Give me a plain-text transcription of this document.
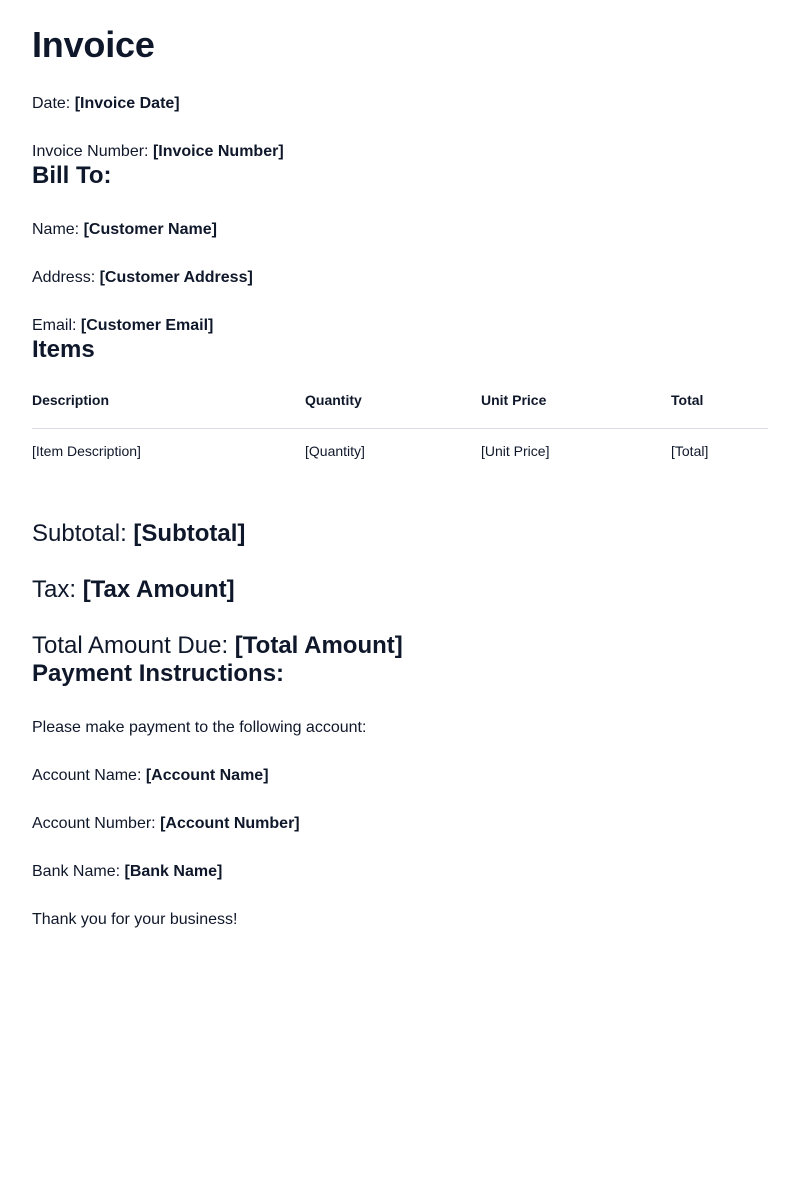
Invoice
Date: [Invoice Date]
Invoice Number: [Invoice Number]
Bill To:
Name: [Customer Name]
Address: [Customer Address]
Email: [Customer Email]
Items
Description	Quantity	Unit Price	Total
[Item Description]	[Quantity]	[Unit Price]	[Total]
Subtotal: [Subtotal]
Tax: [Tax Amount]
Total Amount Due: [Total Amount]
Payment Instructions:
Please make payment to the following account:
Account Name: [Account Name]
Account Number: [Account Number]
Bank Name: [Bank Name]
Thank you for your business!
